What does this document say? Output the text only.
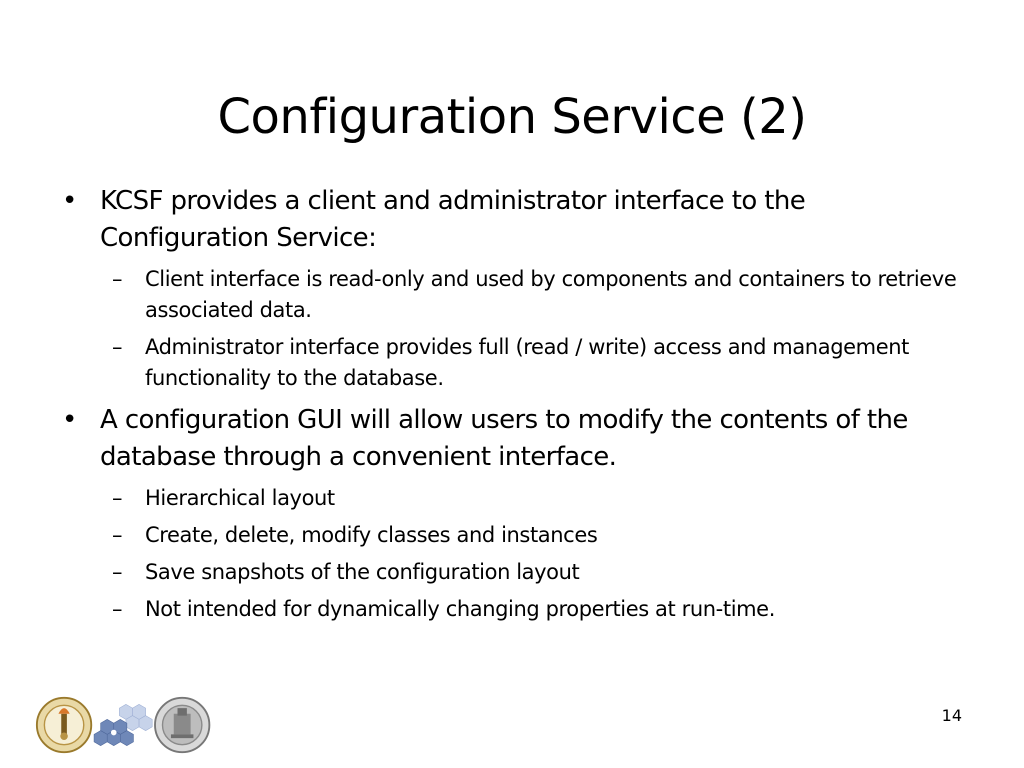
Configuration Service (2)
• KCSF provides a client and administrator interface to the Configuration Service:
– Client interface is read-only and used by components and containers to retrieve associated data.
– Administrator interface provides full (read / write) access and management functionality to the database.
• A configuration GUI will allow users to modify the contents of the database through a convenient interface.
– Hierarchical layout
– Create, delete, modify classes and instances
– Save snapshots of the configuration layout
– Not intended for dynamically changing properties at run-time.
14
